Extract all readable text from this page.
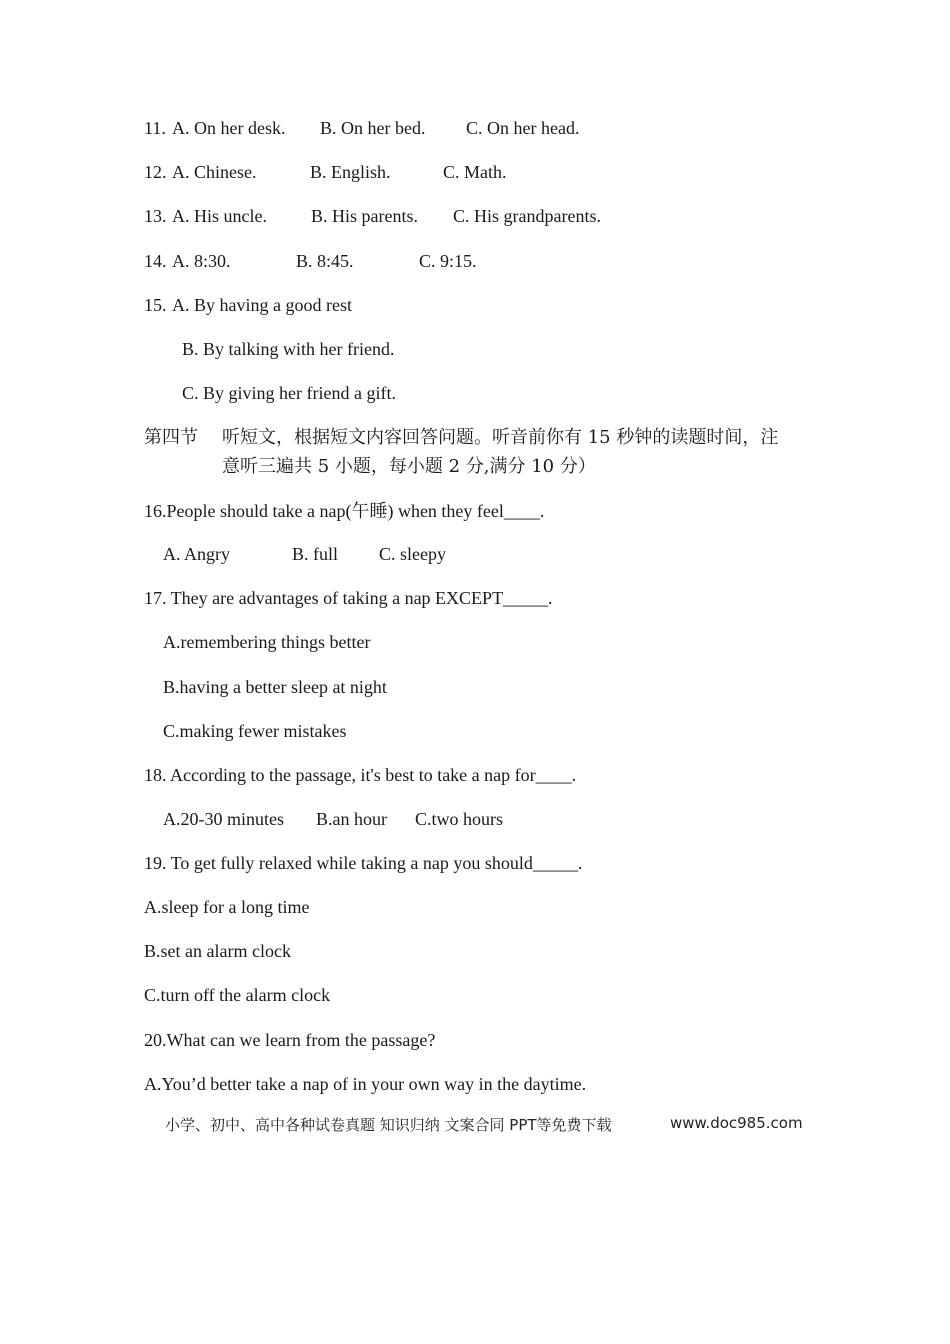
11. A. On her desk. B. On her bed. C. On her head.
12. A. Chinese.	B. English.	C. Math.
13. A. His uncle. B. His parents. C. His grandparents.
14. A. 8:30.	B. 8:45.	C. 9:15.
15. A. By having a good rest
B. By talking with her friend.
C. By giving her friend a gift.
第四节 听短文，根据短文内容回答问题。听音前你有 15 秒钟的读题时间，注
意听三遍共 5 小题，每小题 2 分,满分 10 分）
16.People should take a nap(午睡) when they feel____.
A. Angry	B. full C. sleepy
17. They are advantages of taking a nap EXCEPT_____.
A.remembering things better
B.having a better sleep at night
C.making fewer mistakes
18. According to the passage, it's best to take a nap for____.
A.20-30 minutes B.an hour C.two hours
19. To get fully relaxed while taking a nap you should_____.
A.sleep for a long time
B.set an alarm clock
C.turn off the alarm clock
20.What can we learn from the passage?
A.You’d better take a nap of in your own way in the daytime.
小学、初中、高中各种试卷真题 知识归纳 文案合同 PPT等免费下载	www.doc985.com
